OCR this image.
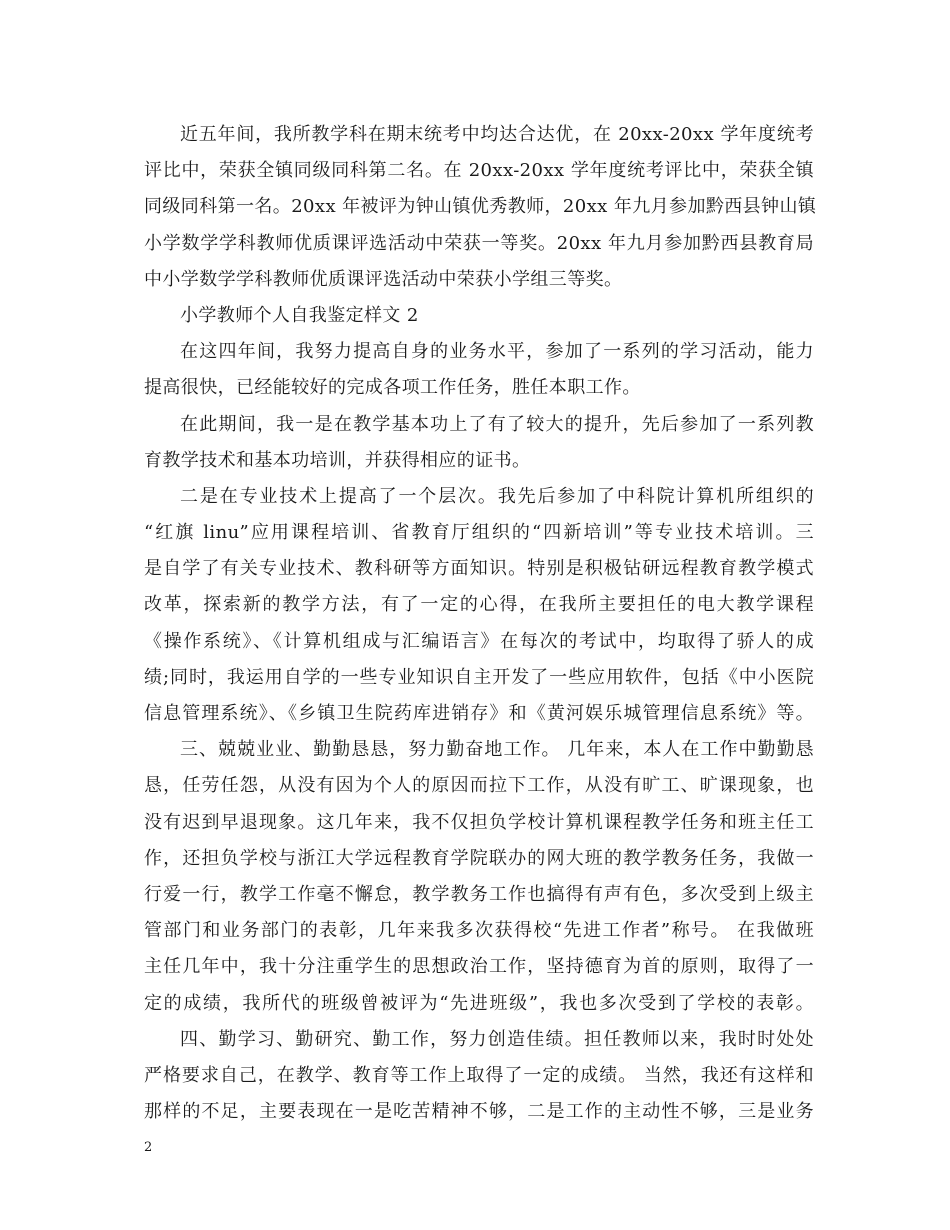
近五年间，我所教学科在期末统考中均达合达优，在 20xx-20xx 学年度统考
评比中，荣获全镇同级同科第二名。在 20xx-20xx 学年度统考评比中，荣获全镇
同级同科第一名。20xx 年被评为钟山镇优秀教师，20xx 年九月参加黔西县钟山镇
小学数学学科教师优质课评选活动中荣获一等奖。20xx 年九月参加黔西县教育局
中小学数学学科教师优质课评选活动中荣获小学组三等奖。
小学教师个人自我鉴定样文 2
在这四年间，我努力提高自身的业务水平，参加了一系列的学习活动，能力
提高很快，已经能较好的完成各项工作任务，胜任本职工作。
在此期间，我一是在教学基本功上了有了较大的提升，先后参加了一系列教
育教学技术和基本功培训，并获得相应的证书。
二是在专业技术上提高了一个层次。我先后参加了中科院计算机所组织的
“红旗 linu”应用课程培训、省教育厅组织的“四新培训”等专业技术培训。三
是自学了有关专业技术、教科研等方面知识。特别是积极钻研远程教育教学模式
改革，探索新的教学方法，有了一定的心得，在我所主要担任的电大教学课程
《操作系统》、《计算机组成与汇编语言》在每次的考试中，均取得了骄人的成
绩;同时，我运用自学的一些专业知识自主开发了一些应用软件，包括《中小医院
信息管理系统》、《乡镇卫生院药库进销存》和《黄河娱乐城管理信息系统》等。
三、兢兢业业、勤勤恳恳，努力勤奋地工作。 几年来，本人在工作中勤勤恳
恳，任劳任怨，从没有因为个人的原因而拉下工作，从没有旷工、旷课现象，也
没有迟到早退现象。这几年来，我不仅担负学校计算机课程教学任务和班主任工
作，还担负学校与浙江大学远程教育学院联办的网大班的教学教务任务，我做一
行爱一行，教学工作毫不懈怠，教学教务工作也搞得有声有色，多次受到上级主
管部门和业务部门的表彰，几年来我多次获得校“先进工作者”称号。 在我做班
主任几年中，我十分注重学生的思想政治工作，坚持德育为首的原则，取得了一
定的成绩，我所代的班级曾被评为“先进班级”，我也多次受到了学校的表彰。
四、勤学习、勤研究、勤工作，努力创造佳绩。担任教师以来，我时时处处
严格要求自己，在教学、教育等工作上取得了一定的成绩。 当然，我还有这样和
那样的不足，主要表现在一是吃苦精神不够，二是工作的主动性不够，三是业务
2
